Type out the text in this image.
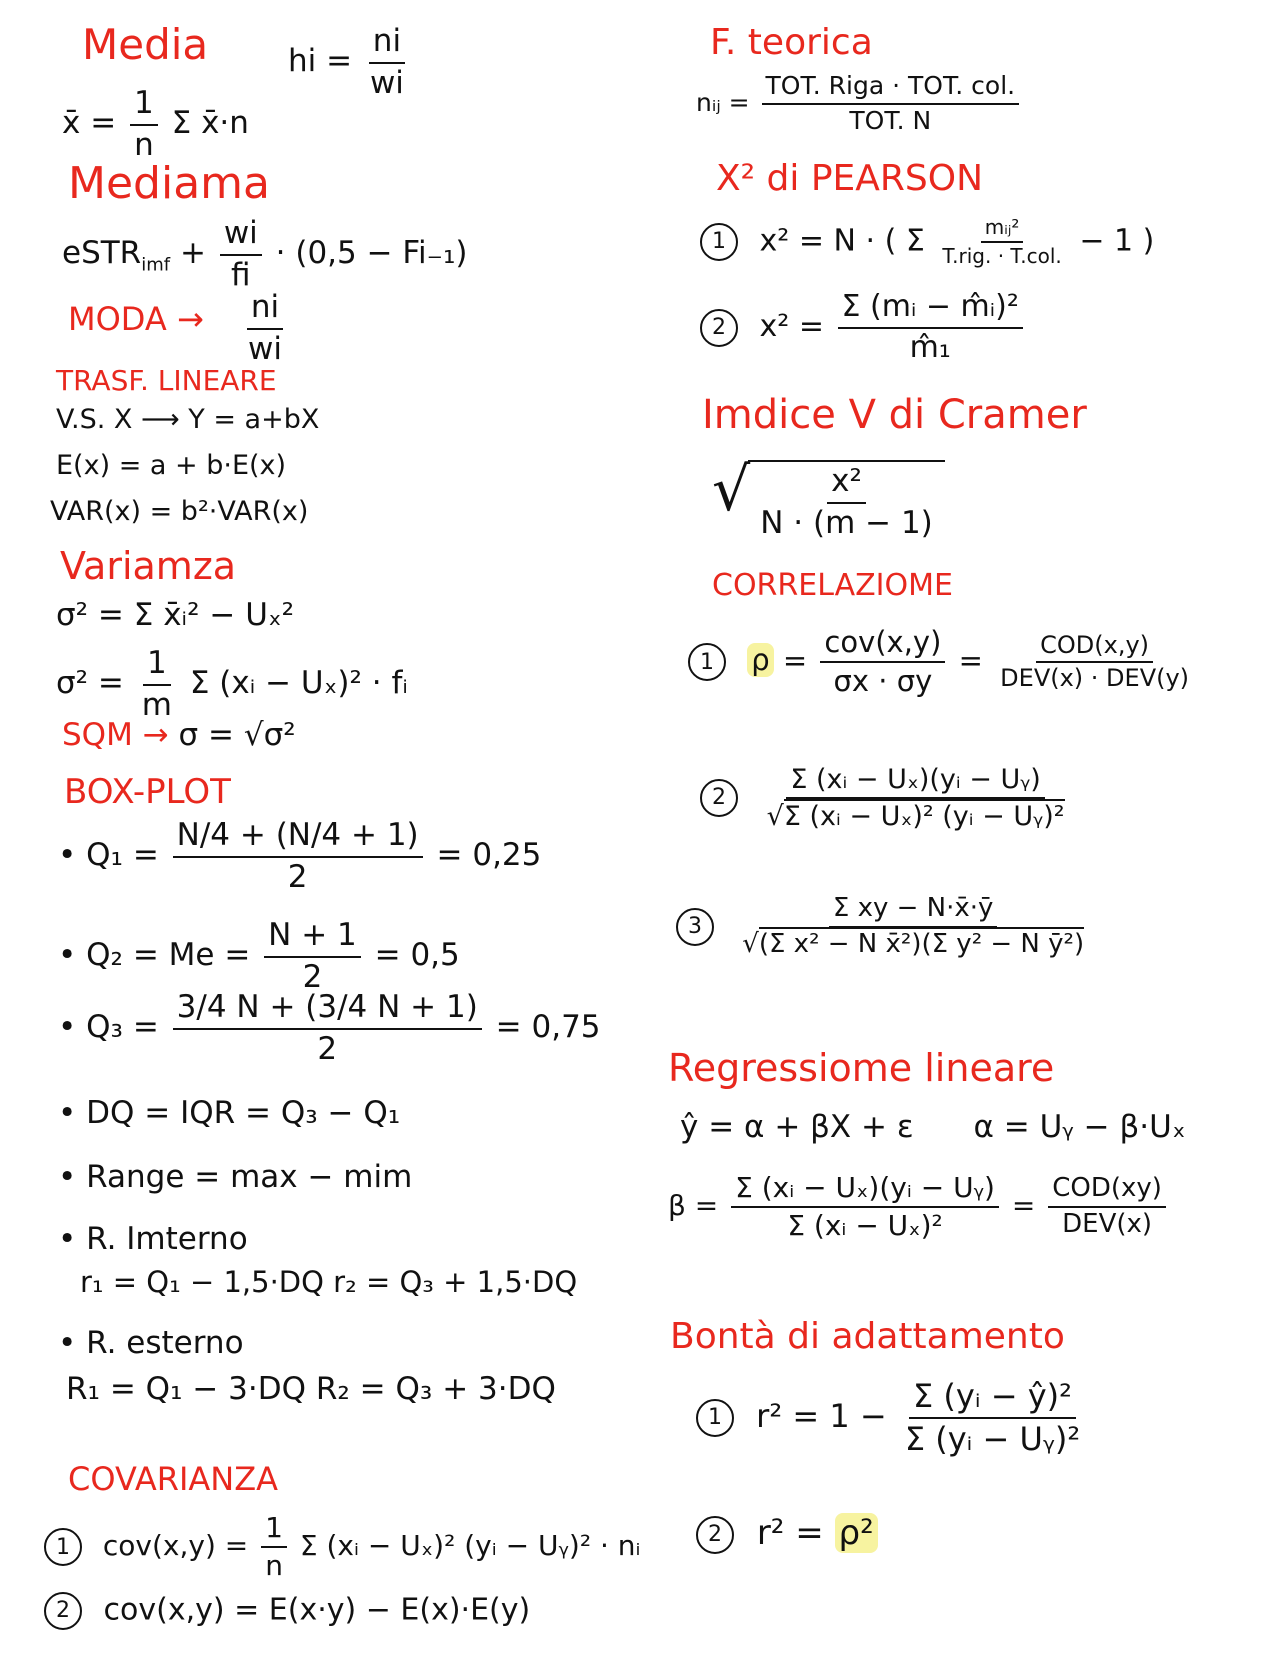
Media	hi = $\frac{ni}{wi}$
x̄ = $\frac{1}{n}$ Σ x̄·n
Mediama
eSTR$_{imf}$ + $\frac{wi}{fi} \cdot (0,5 - Fi_{-1})$
MODA → $\frac{ni}{wi}$
TRASF. LINEARE
V.S. X ⟶ Y = a+bX
E(x) = a + b·E(x)
VAR(x) = b²·VAR(x)
Variamza
σ² = Σ x̄ᵢ² − Uₓ²
$\sigma^2 = \frac{1}{m}$ Σ (xᵢ − Uₓ)² · fᵢ
SQM → σ = √σ²
BOX-PLOT
• $Q_1 = \frac{N/4 + (N/4 + 1)}{2} = 0,25$
• $Q_2 = Me = \frac{N + 1}{2} = 0,5$
• $Q_3 = \frac{3/4 N + (3/4 N + 1)}{2} = 0,75$
• DQ = IQR = Q₃ − Q₁
• Range = max − mim
• R. Imterno
r₁ = Q₁ − 1,5·DQ r₂ = Q₃ + 1,5·DQ
• R. esterno
R₁ = Q₁ − 3·DQ R₂ = Q₃ + 3·DQ
COVARIANZA
1 $cov(x,y) = \frac{1}{n}$ Σ (xᵢ − Uₓ)² (yᵢ − Uᵧ)² · nᵢ
2 cov(x,y) = E(x·y) − E(x)·E(y)
F. teorica
nᵢⱼ = $\frac{\text{TOT. Riga · TOT. col.}}{\text{TOT. N}}$
X² di PEARSON
1 x² = N · ( Σ $\frac{\text{mᵢⱼ²}}{\text{T.rig. · T.col.}} - 1$ )
2 $x^2 = \frac{\text{Σ (mᵢ − m̂ᵢ)²}}{\text{m̂₁}}$
Imdice V di Cramer
√ $\frac{\text{x²}}{N \cdot (m - 1)}$
CORRELAZIOME
1 $\rho = \frac{\text{cov(x,y)}}{\sigma x \cdot \sigma y} = \frac{\text{COD(x,y)}}{\text{DEV(x) · DEV(y)}}$
$2 \frac{\text{Σ (xᵢ − Uₓ)(yᵢ − Uᵧ)}}{\text{√Σ (xᵢ − Uₓ)² (yᵢ − Uᵧ)²}}$
$3 \frac{\text{Σ xy − N·x̄·ȳ}}{\text{√(Σ x² − N x̄²)(Σ y² − N ȳ²)}}$
Regressiome lineare
ŷ = α + βX + ε α = Uᵧ − β·Uₓ
$\beta = \frac{\text{Σ (xᵢ − Uₓ)(yᵢ − Uᵧ)}}{\text{Σ (xᵢ − Uₓ)²}} = \frac{\text{COD(xy)}}{\text{DEV(x)}}$
Bontà di adattamento
1 $r^2 = 1 - \frac{\text{Σ (yᵢ − ŷ)²}}{\text{Σ (yᵢ − Uᵧ)²}}$
2 r² = ρ²
